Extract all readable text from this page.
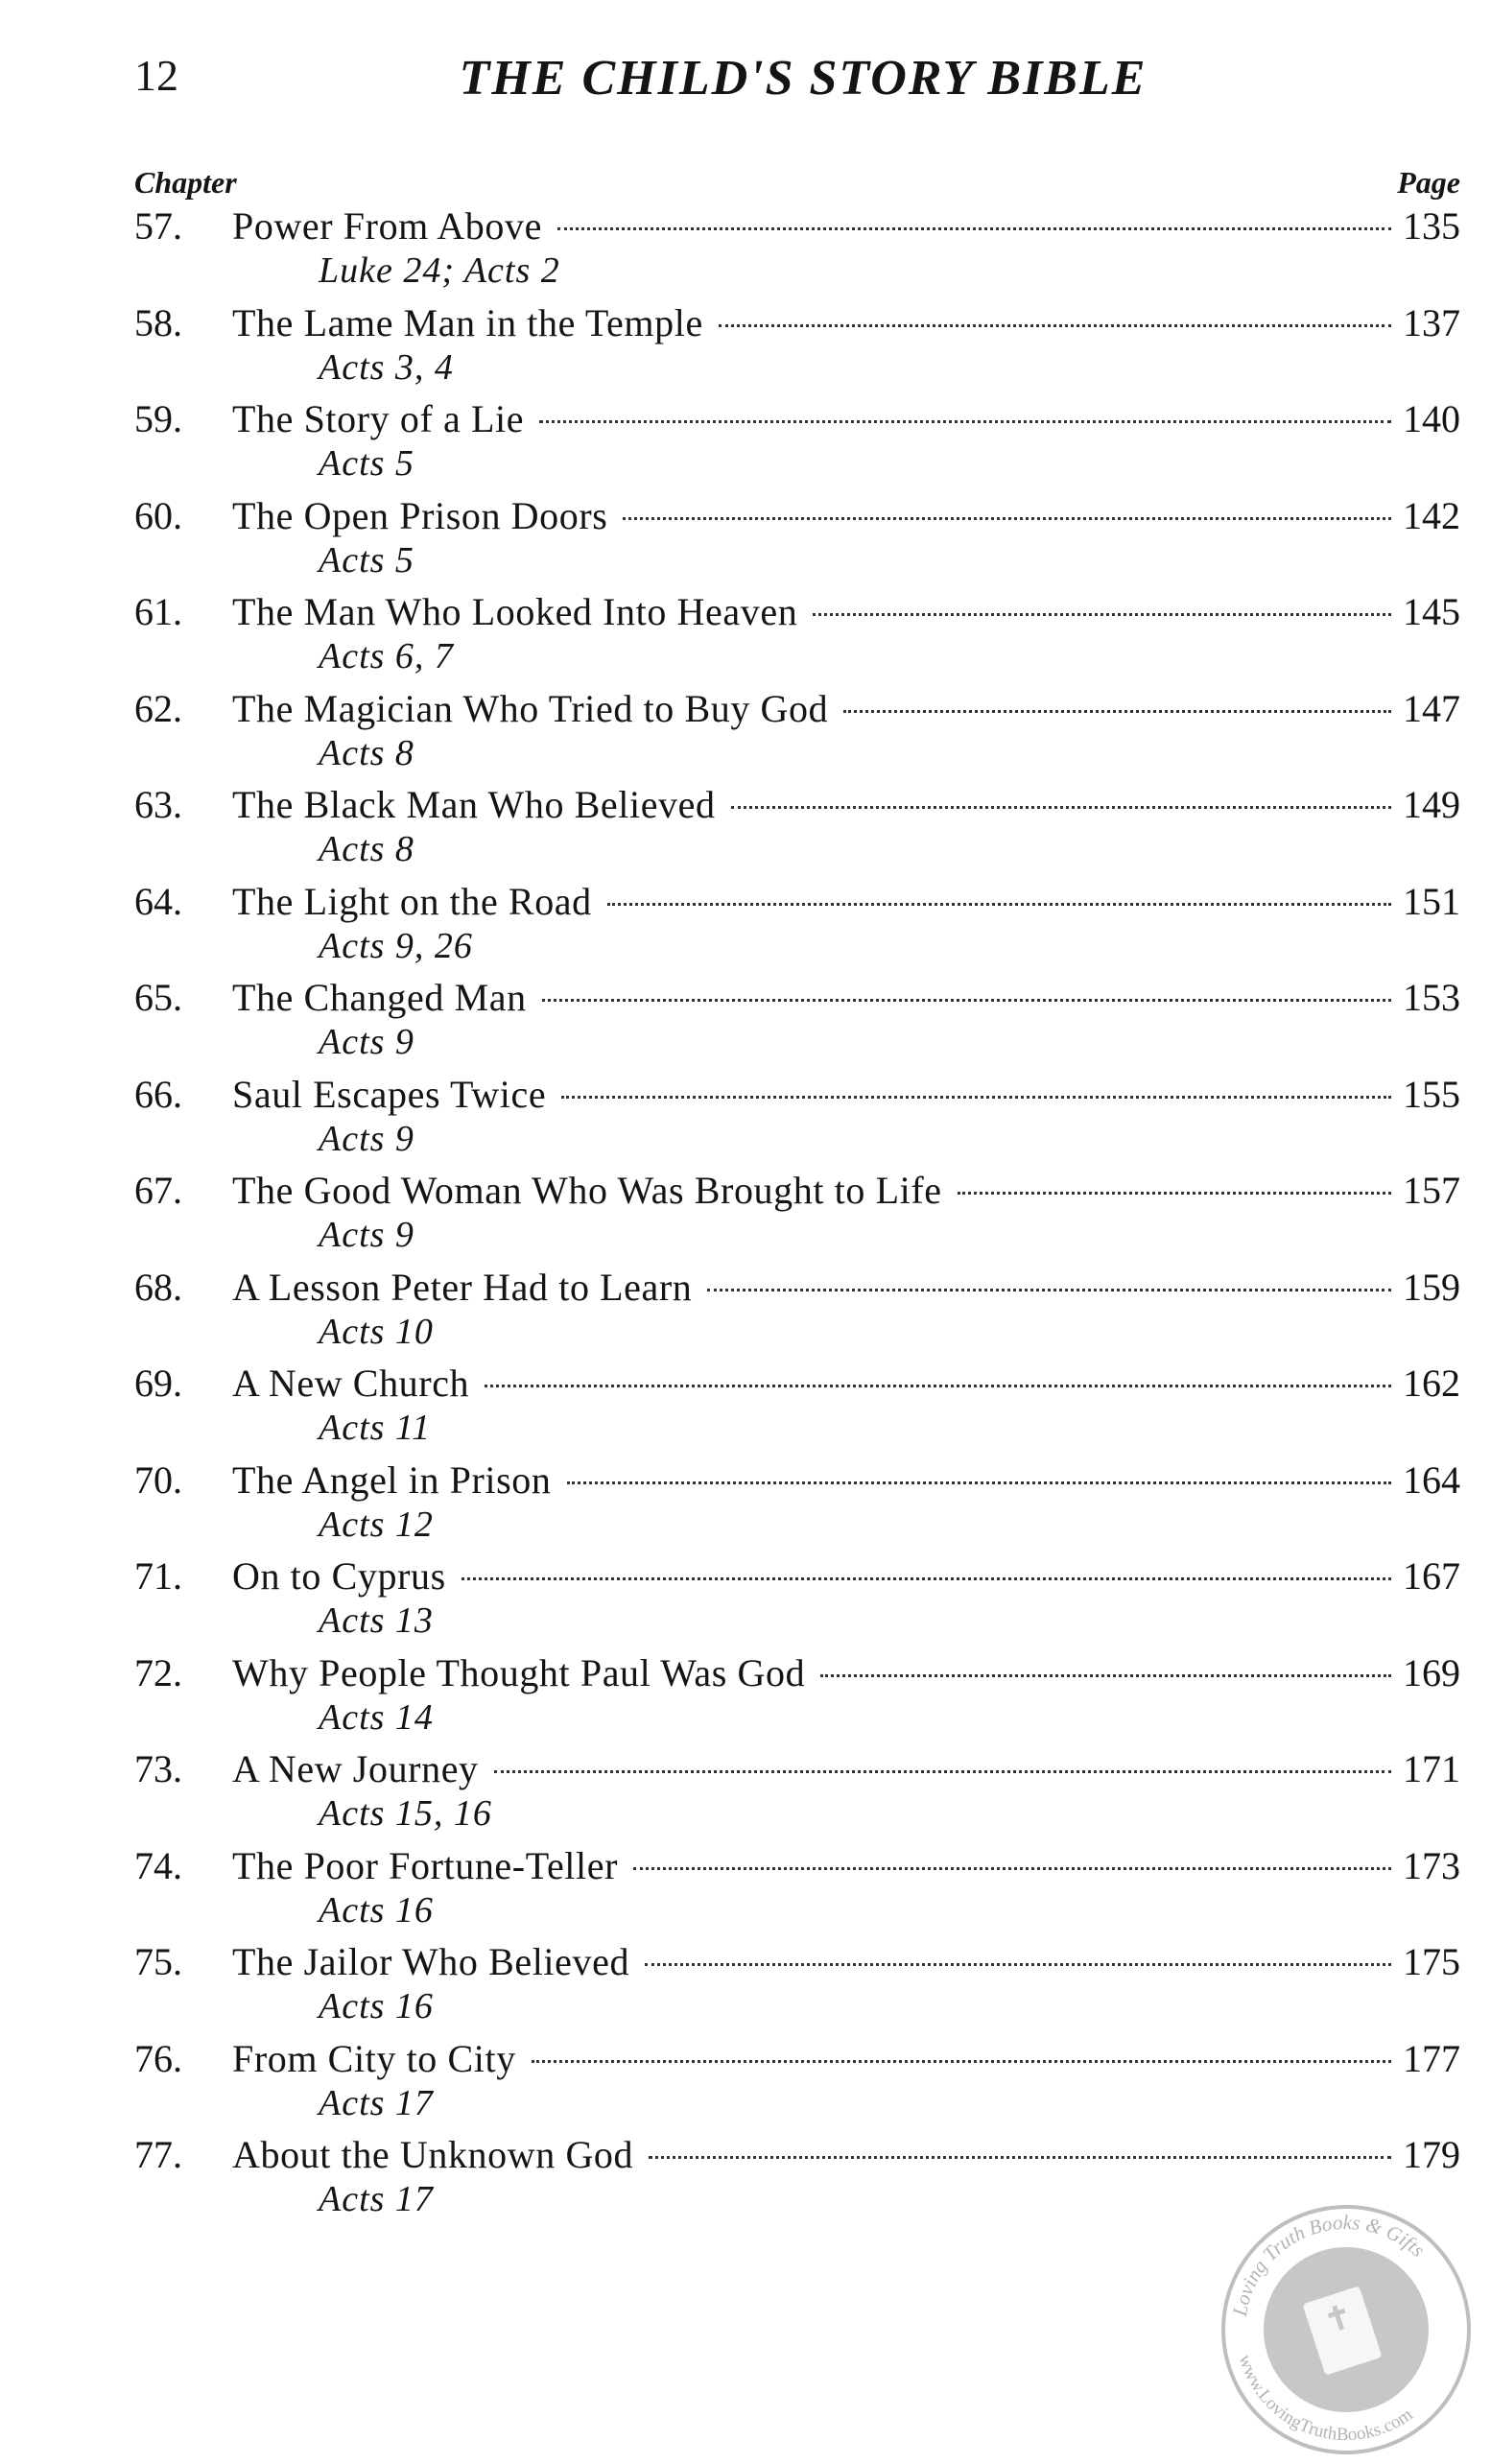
12	THE CHILD'S STORY BIBLE
Chapter	Page
57.	Power From Above	135
Luke 24; Acts 2
58.	The Lame Man in the Temple	137
Acts 3, 4
59.	The Story of a Lie	140
Acts 5
60.	The Open Prison Doors	142
Acts 5
61.	The Man Who Looked Into Heaven	145
Acts 6, 7
62.	The Magician Who Tried to Buy God	147
Acts 8
63.	The Black Man Who Believed	149
Acts 8
64.	The Light on the Road	151
Acts 9, 26
65.	The Changed Man	153
Acts 9
66.	Saul Escapes Twice	155
Acts 9
67.	The Good Woman Who Was Brought to Life	157
Acts 9
68.	A Lesson Peter Had to Learn	159
Acts 10
69.	A New Church	162
Acts 11
70.	The Angel in Prison	164
Acts 12
71.	On to Cyprus	167
Acts 13
72.	Why People Thought Paul Was God	169
Acts 14
73.	A New Journey	171
Acts 15, 16
74.	The Poor Fortune-Teller	173
Acts 16
75.	The Jailor Who Believed	175
Acts 16
76.	From City to City	177
Acts 17
77.	About the Unknown God	179
Acts 17
Loving Truth Books & Gifts
www.LovingTruthBooks.com
